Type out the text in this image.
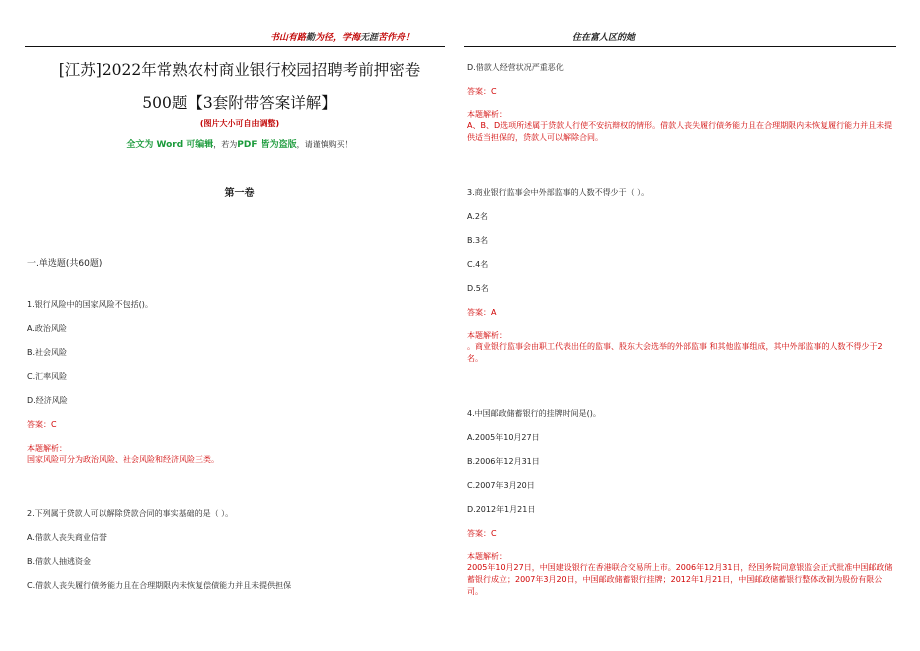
书山有路勤为径，学海无涯苦作舟！	住在富人区的她
[江苏]2022年常熟农村商业银行校园招聘考前押密卷
500题【3套附带答案详解】
(图片大小可自由调整)
全文为 Word 可编辑，若为PDF 皆为盗版，请谨慎购买！
第一卷
一.单选题(共60题)
1.银行风险中的国家风险不包括()。
A.政治风险
B.社会风险
C.汇率风险
D.经济风险
答案：C
本题解析：
国家风险可分为政治风险、社会风险和经济风险三类。
2.下列属于贷款人可以解除贷款合同的事实基础的是（ ）。
A.借款人丧失商业信誉
B.借款人抽逃资金
C.借款人丧失履行债务能力且在合理期限内未恢复偿债能力并且未提供担保
D.借款人经营状况严重恶化
答案：C
本题解析：
A、B、D选项所述属于贷款人行使不安抗辩权的情形。借款人丧失履行债务能力且在合理期限内未恢复履行能力并且未提供适当担保的，贷款人可以解除合同。
3.商业银行监事会中外部监事的人数不得少于（ ）。
A.2名
B.3名
C.4名
D.5名
答案：A
本题解析：
。商业银行监事会由职工代表出任的监事、股东大会选举的外部监事 和其他监事组成，其中外部监事的人数不得少于2名。
4.中国邮政储蓄银行的挂牌时间是()。
A.2005年10月27日
B.2006年12月31日
C.2007年3月20日
D.2012年1月21日
答案：C
本题解析：
2005年10月27日，中国建设银行在香港联合交易所上市。2006年12月31日，经国务院同意银监会正式批准中国邮政储蓄银行成立；2007年3月20日，中国邮政储蓄银行挂牌；2012年1月21日，中国邮政储蓄银行整体改制为股份有限公司。
